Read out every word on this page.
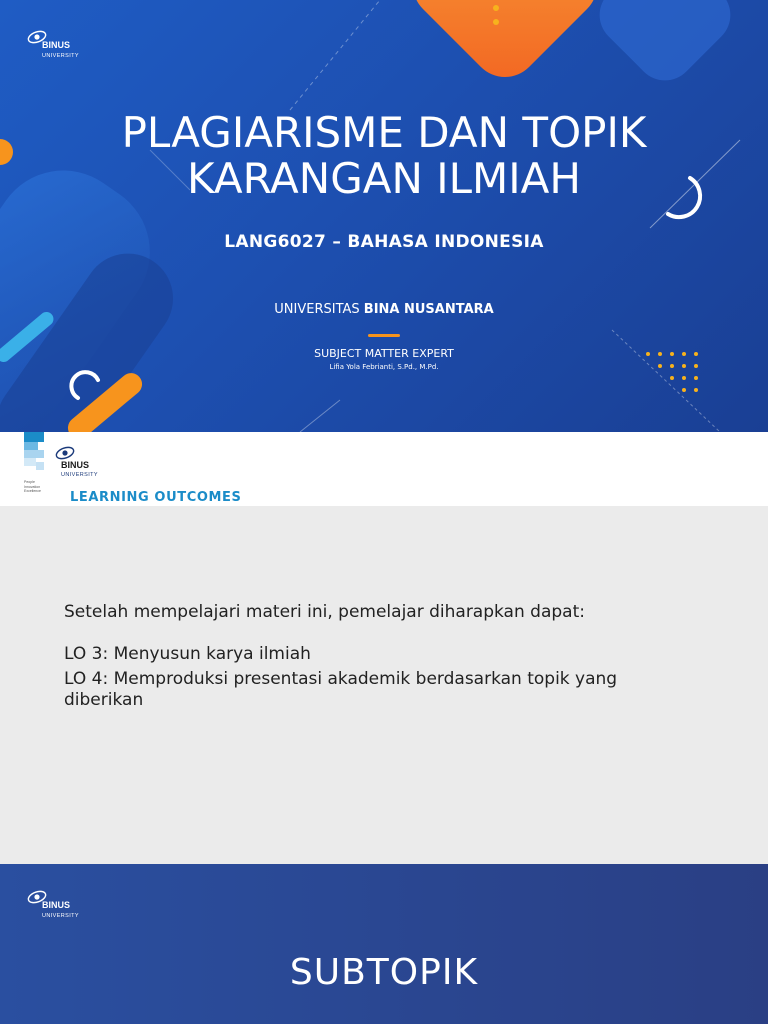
BINUS
UNIVERSITY
PLAGIARISME DAN TOPIK
KARANGAN ILMIAH
LANG6027 – BAHASA INDONESIA
UNIVERSITAS BINA NUSANTARA
SUBJECT MATTER EXPERT
Lifia Yola Febrianti, S.Pd., M.Pd.
People
Innovation
Excellence
BINUS
UNIVERSITY
LEARNING OUTCOMES

Setelah mempelajari materi ini, pemelajar diharapkan dapat:

LO 3: Menyusun karya ilmiah

LO 4: Memproduksi presentasi akademik berdasarkan topik yang diberikan

BINUS
UNIVERSITY
SUBTOPIK
